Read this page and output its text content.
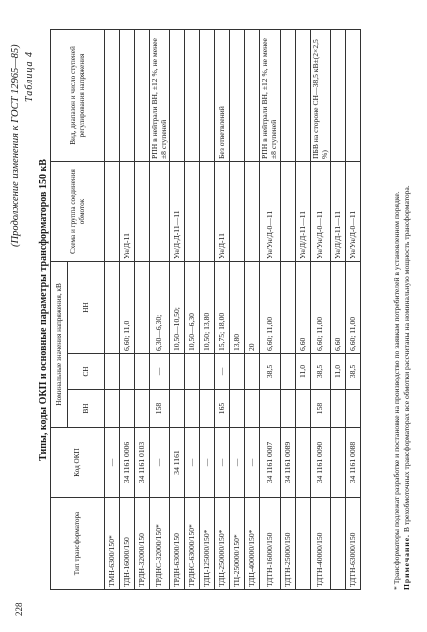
228
(Продолжение изменения к ГОСТ 12965—85) Таблица 4
Типы, коды ОКП и основные параметры трансформаторов 150 кВ
Тип трансформатора	Код ОКП	Номинальные значения напряжения, кВ			Схема и группа соединения обмоток	Вид, диапазон и число ступеней регулирования напряжения
		ВН	СН	НН		
ТМН-6300/150*	—					
ТДН-16000/150	34 1161 0006			6,60; 11,0	Ун/Д-11	
ТРДН-32000/150	34 1161 0103					
ТРДНС-32000/150*	—	158	—	6,30—6,30;		РПН в нейтрали ВН, ±12 %, не менее ±8 ступеней
ТРДН-63000/150	34 1161			10,50—10,50;	Ун/Д-Д-11—11	
ТРДНС-63000/150*	—			10,50—6,30		
ТДЦ-125000/150*	—			10,50; 13,80		
ТДЦ-250000/150*	—	165	—	15,75; 18,00	Ун/Д-11	Без ответвлений
ТЦ-250000/150*	—			13,80		
ТДЦ-400000/150*	—			20		
ТДТН-16000/150	34 1161 0007		38,5	6,60; 11,00	Ун/Ун/Д-0—11	РПН в нейтрали ВН, ±12 %, не менее ±8 ступеней
ТДТН-25000/150	34 1161 0089					
			11,0	6,60	Ун/Д/Д-11—11	
ТДТН-40000/150	34 1161 0090	158	38,5	6,60; 11,00	Ун/Ун/Д-0—11	ПБВ на стороне СН—38,5 кВ±(2×2,5 %)
			11,0	6,60	Ун/Д/Д-11—11	
ТДТН-63000/150	34 1161 0088		38,5	6,60; 11,00	Ун/Ун/Д-0—11		* Трансформаторы подлежат разработке и постановке на производство по заявкам потребителей в установленном порядке. Примечание. В трехобмоточных трансформаторах все обмотки рассчитаны на номинальную мощность трансформатора.
